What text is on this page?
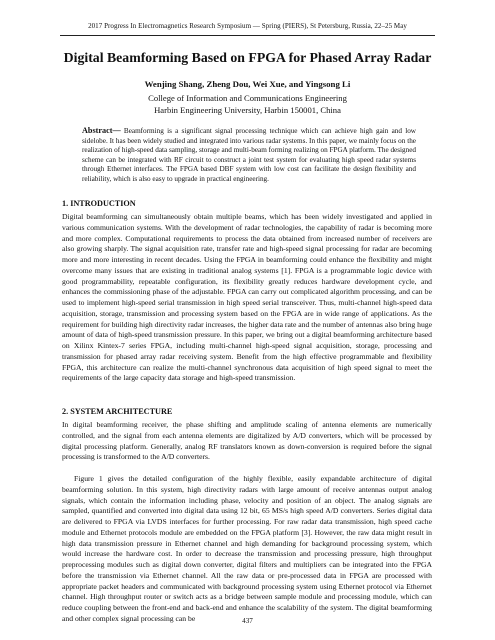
2017 Progress In Electromagnetics Research Symposium — Spring (PIERS), St Petersburg, Russia, 22–25 May
Digital Beamforming Based on FPGA for Phased Array Radar
Wenjing Shang, Zheng Dou, Wei Xue, and Yingsong Li
College of Information and Communications Engineering
Harbin Engineering University, Harbin 150001, China
Abstract— Beamforming is a significant signal processing technique which can achieve high gain and low sidelobe. It has been widely studied and integrated into various radar systems. In this paper, we mainly focus on the realization of high-speed data sampling, storage and multi-beam forming realizing on FPGA platform. The designed scheme can be integrated with RF circuit to construct a joint test system for evaluating high speed radar systems through Ethernet interfaces. The FPGA based DBF system with low cost can facilitate the design flexibility and reliability, which is also easy to upgrade in practical engineering.
1. INTRODUCTION

Digital beamforming can simultaneously obtain multiple beams, which has been widely investigated and applied in various communication systems. With the development of radar technologies, the capability of radar is becoming more and more complex. Computational requirements to process the data obtained from increased number of receivers are also growing sharply. The signal acquisition rate, transfer rate and high-speed signal processing for radar are becoming more and more interesting in recent decades. Using the FPGA in beamforming could enhance the flexibility and might overcome many issues that are existing in traditional analog systems [1]. FPGA is a programmable logic device with good programmability, repeatable configuration, its flexibility greatly reduces hardware development cycle, and enhances the commissioning phase of the adjustable. FPGA can carry out complicated algorithm processing, and can be used to implement high-speed serial transmission in high speed serial transceiver. Thus, multi-channel high-speed data acquisition, storage, transmission and processing system based on the FPGA are in wide range of applications. As the requirement for building high directivity radar increases, the higher data rate and the number of antennas also bring huge amount of data of high-speed transmission pressure. In this paper, we bring out a digital beamforming architecture based on Xilinx Kintex-7 series FPGA, including multi-channel high-speed signal acquisition, storage, processing and transmission for phased array radar receiving system. Benefit from the high effective programmable and flexibility FPGA, this architecture can realize the multi-channel synchronous data acquisition of high speed signal to meet the requirements of the large capacity data storage and high-speed transmission.

2. SYSTEM ARCHITECTURE

In digital beamforming receiver, the phase shifting and amplitude scaling of antenna elements are numerically controlled, and the signal from each antenna elements are digitalized by A/D converters, which will be processed by digital processing platform. Generally, analog RF translators known as down-conversion is required before the signal processing is transformed to the A/D converters.

Figure 1 gives the detailed configuration of the highly flexible, easily expandable architecture of digital beamforming solution. In this system, high directivity radars with large amount of receive antennas output analog signals, which contain the information including phase, velocity and position of an object. The analog signals are sampled, quantified and converted into digital data using 12 bit, 65 MS/s high speed A/D converters. Series digital data are delivered to FPGA via LVDS interfaces for further processing. For raw radar data transmission, high speed cache module and Ethernet protocols module are embedded on the FPGA platform [3]. However, the raw data might result in high data transmission pressure in Ethernet channel and high demanding for background processing system, which would increase the hardware cost. In order to decrease the transmission and processing pressure, high throughput preprocessing modules such as digital down converter, digital filters and multipliers can be integrated into the FPGA before the transmission via Ethernet channel. All the raw data or pre-processed data in FPGA are processed with appropriate packet headers and communicated with background processing system using Ethernet protocol via Ethernet channel. High throughput router or switch acts as a bridge between sample module and processing module, which can reduce coupling between the front-end and back-end and enhance the scalability of the system. The digital beamforming and other complex signal processing can be	437
